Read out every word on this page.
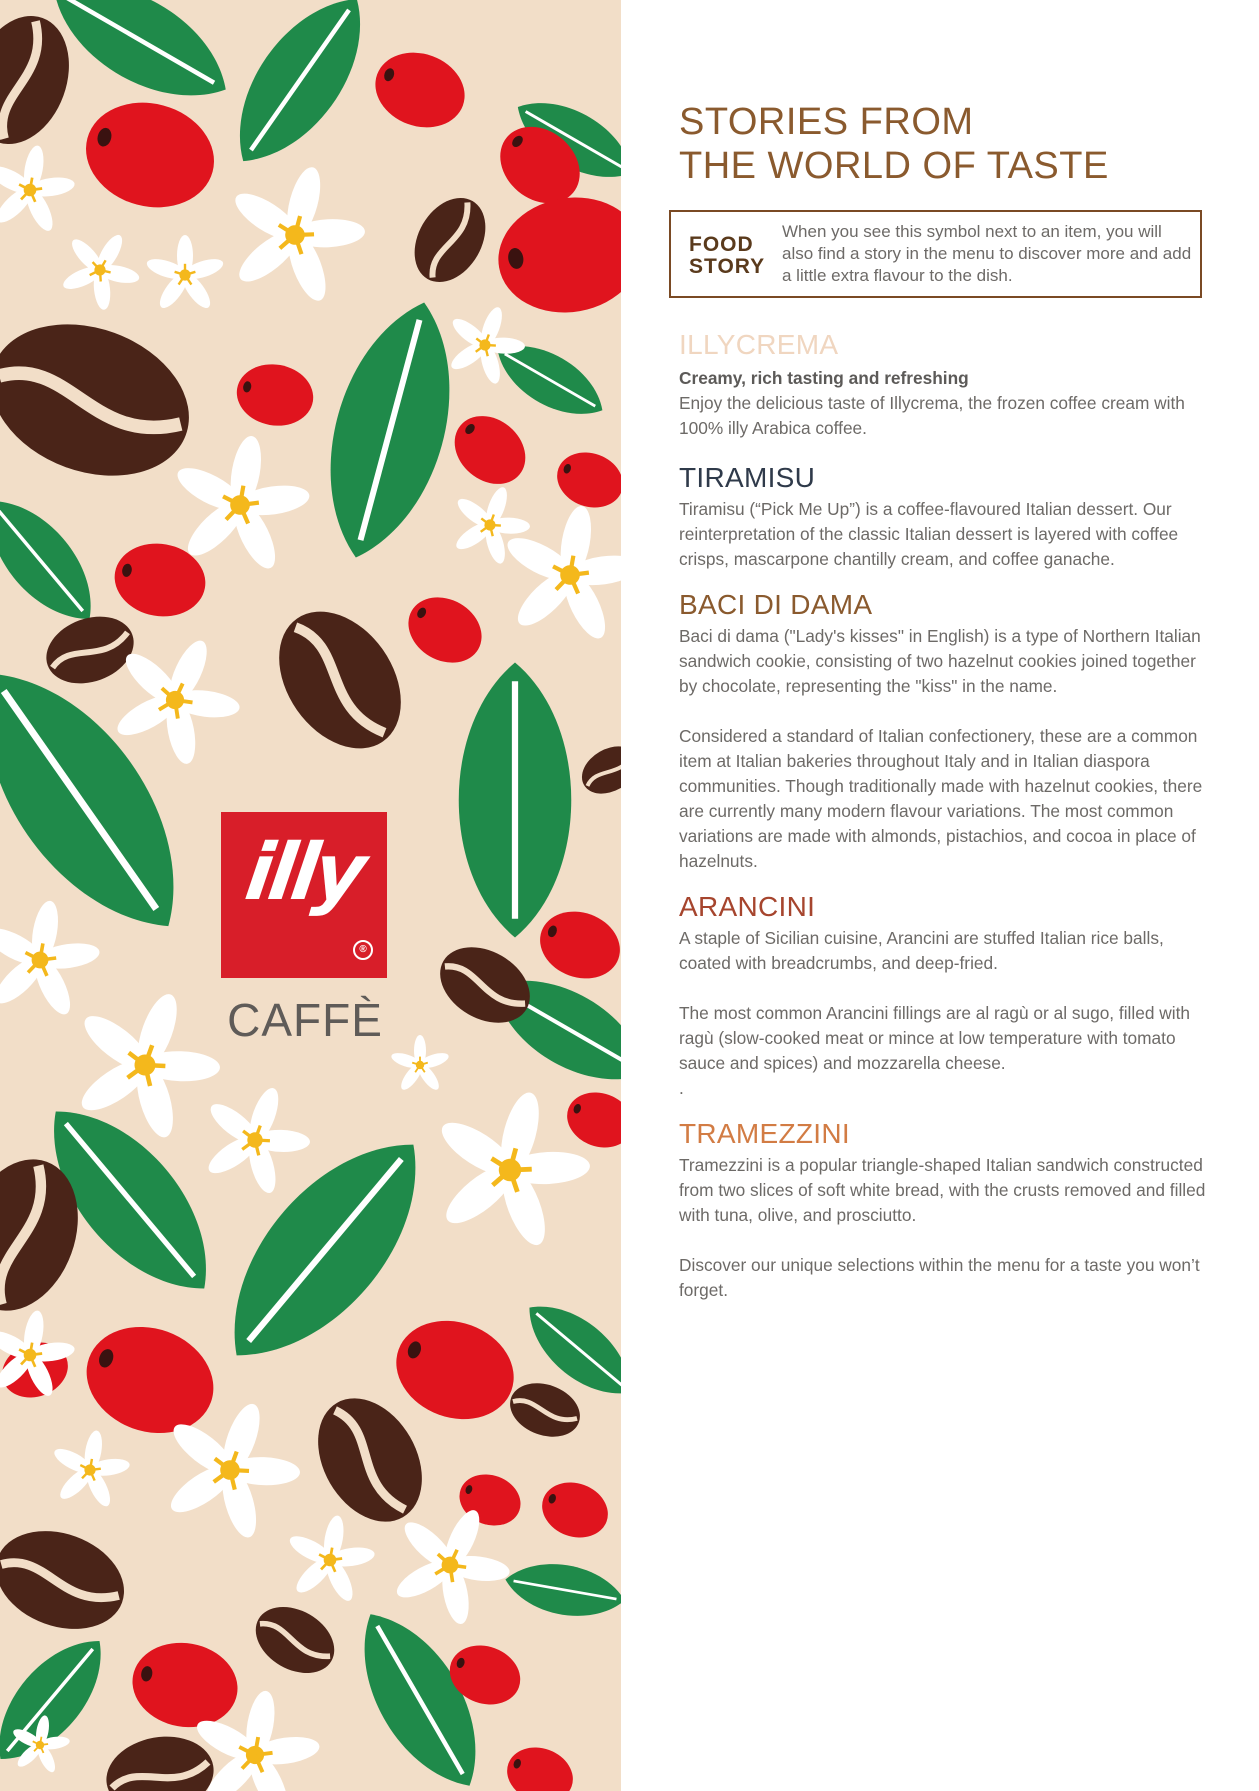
illy
®
CAFFÈ
STORIES FROM
THE WORLD OF TASTE
FOOD
STORY
When you see this symbol next to an item, you will also find a story in the menu to discover more and add a little extra flavour to the dish.
ILLYCREMA

Creamy, rich tasting and refreshing

Enjoy the delicious taste of Illycrema, the frozen coffee cream with 100% illy Arabica coffee.

TIRAMISU

Tiramisu (“Pick Me Up”) is a coffee-flavoured Italian dessert. Our reinterpretation of the classic Italian dessert is layered with coffee crisps, mascarpone chantilly cream, and coffee ganache.

BACI DI DAMA

Baci di dama ("Lady's kisses" in English) is a type of Northern Italian sandwich cookie, consisting of two hazelnut cookies joined together by chocolate, representing the "kiss" in the name.

Considered a standard of Italian confectionery, these are a common item at Italian bakeries throughout Italy and in Italian diaspora communities. Though traditionally made with hazelnut cookies, there are currently many modern flavour variations. The most common variations are made with almonds, pistachios, and cocoa in place of hazelnuts.

ARANCINI

A staple of Sicilian cuisine, Arancini are stuffed Italian rice balls, coated with breadcrumbs, and deep-fried.

The most common Arancini fillings are al ragù or al sugo, filled with ragù (slow-cooked meat or mince at low temperature with tomato sauce and spices) and mozzarella cheese.

.

TRAMEZZINI

Tramezzini is a popular triangle-shaped Italian sandwich constructed from two slices of soft white bread, with the crusts removed and filled with tuna, olive, and prosciutto.

Discover our unique selections within the menu for a taste you won’t forget.
